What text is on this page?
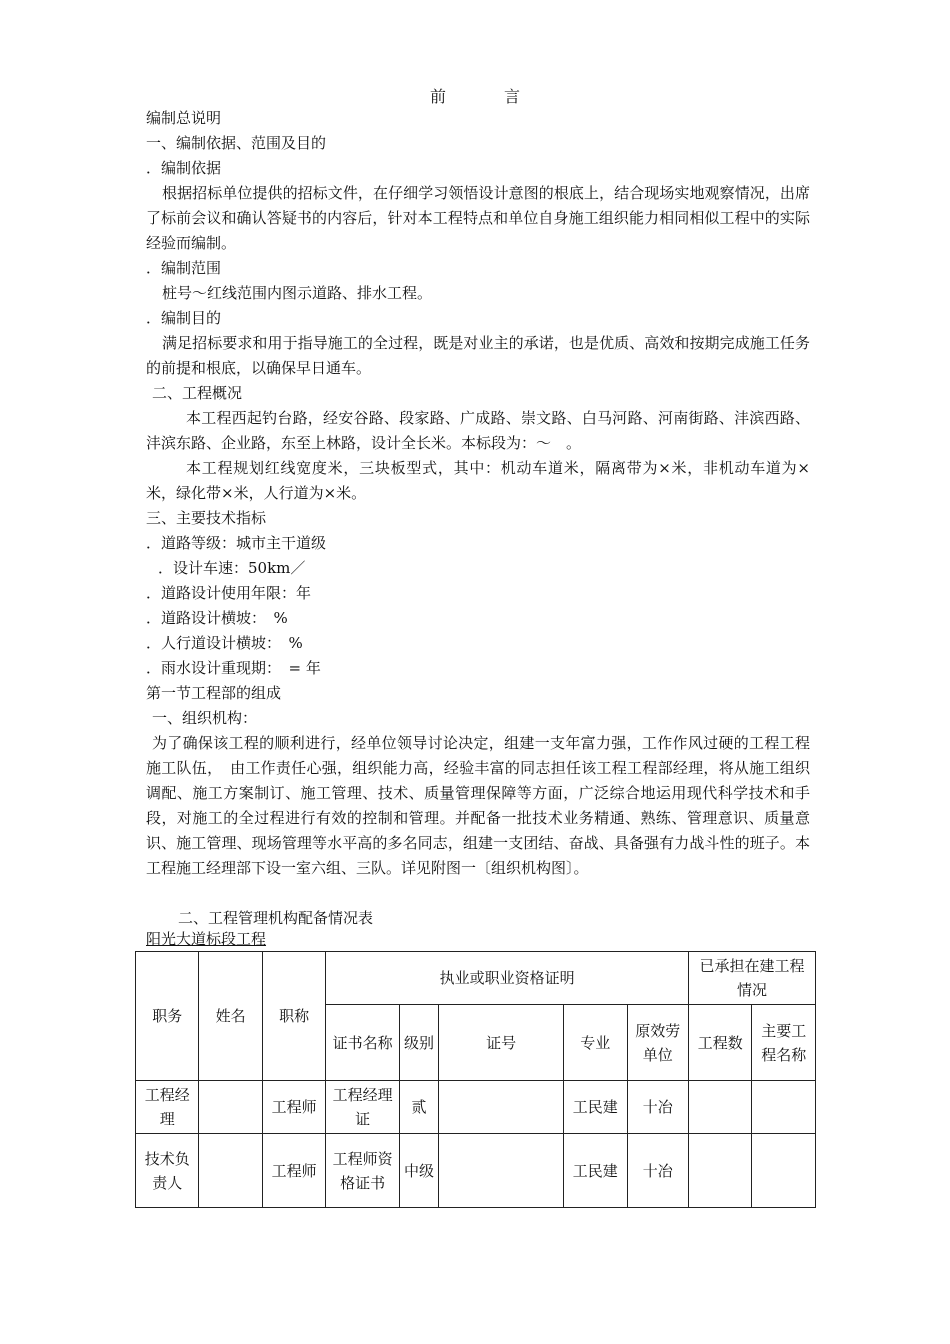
前	言
编制总说明
一、编制依据、范围及目的
．编制依据
根据招标单位提供的招标文件，在仔细学习领悟设计意图的根底上，结合现场实地观察情况，出席了标前会议和确认答疑书的内容后，针对本工程特点和单位自身施工组织能力相同相似工程中的实际经验而编制。
．编制范围
桩号～红线范围内图示道路、排水工程。
．编制目的
满足招标要求和用于指导施工的全过程，既是对业主的承诺，也是优质、高效和按期完成施工任务的前提和根底，以确保早日通车。
二、工程概况
本工程西起钓台路，经安谷路、段家路、广成路、崇文路、白马河路、河南街路、沣滨西路、沣滨东路、企业路，东至上林路，设计全长米。本标段为：～　。
本工程规划红线宽度米，三块板型式，其中：机动车道米，隔离带为×米，非机动车道为×米，绿化带×米，人行道为×米。
三、主要技术指标
．道路等级：城市主干道级
．设计车速：50km／
．道路设计使用年限：年
．道路设计横坡：　%
．人行道设计横坡：　%
．雨水设计重现期：　= 年
第一节工程部的组成
一、组织机构：
为了确保该工程的顺利进行，经单位领导讨论决定，组建一支年富力强，工作作风过硬的工程工程施工队伍，　由工作责任心强，组织能力高，经验丰富的同志担任该工程工程部经理，将从施工组织调配、施工方案制订、施工管理、技术、质量管理保障等方面，广泛综合地运用现代科学技术和手段，对施工的全过程进行有效的控制和管理。并配备一批技术业务精通、熟练、管理意识、质量意识、施工管理、现场管理等水平高的多名同志，组建一支团结、奋战、具备强有力战斗性的班子。本工程施工经理部下设一室六组、三队。详见附图一〔组织机构图〕。
二、工程管理机构配备情况表
阳光大道标段工程
职务	姓名	职称	执业或职业资格证明					已承担在建工程情况	
			证书名称	级别	证号	专业	原效劳单位	工程数	主要工程名称
工程经理		工程师	工程经理证	贰		工民建	十冶		
技术负责人		工程师	工程师资格证书	中级		工民建	十冶		
